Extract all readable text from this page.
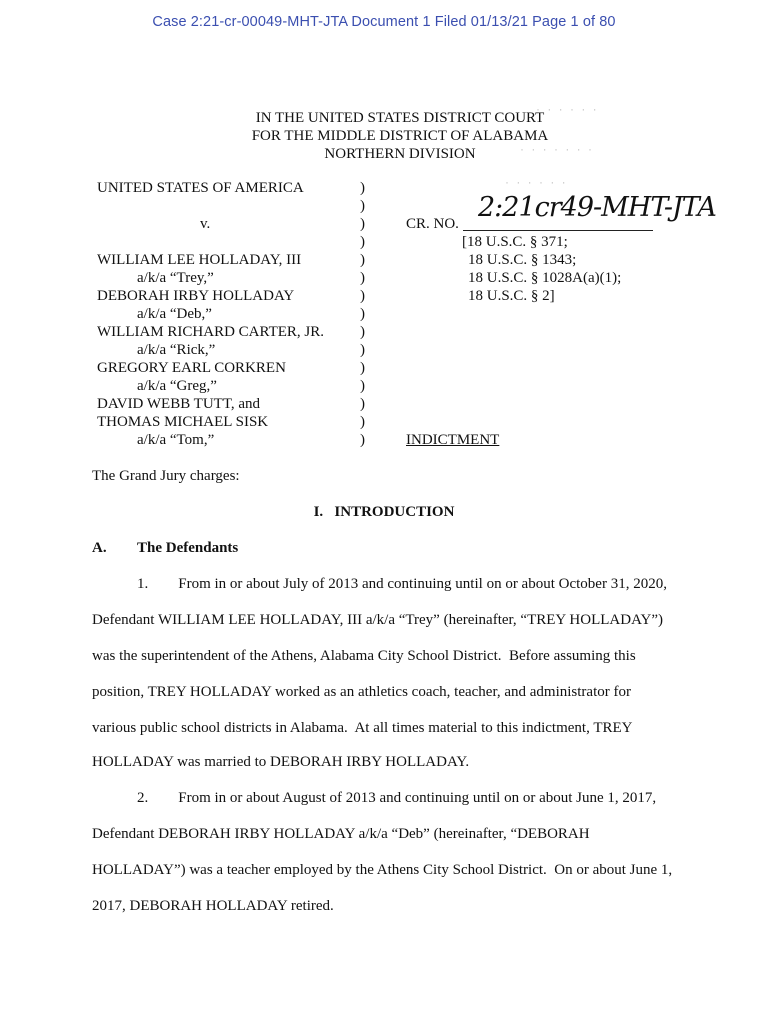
Case 2:21-cr-00049-MHT-JTA Document 1 Filed 01/13/21 Page 1 of 80
· · · · · ·
· · · · · · ·
· · · · · ·
IN THE UNITED STATES DISTRICT COURT
FOR THE MIDDLE DISTRICT OF ALABAMA
NORTHERN DIVISION
UNITED STATES OF AMERICA
v.
WILLIAM LEE HOLLADAY, III
a/k/a “Trey,”
DEBORAH IRBY HOLLADAY
a/k/a “Deb,”
WILLIAM RICHARD CARTER, JR.
a/k/a “Rick,”
GREGORY EARL CORKREN
a/k/a “Greg,”
DAVID WEBB TUTT, and
THOMAS MICHAEL SISK
a/k/a “Tom,”
)
)
)
)
)
)
)
)
)
)
)
)
)
)
)
CR. NO.
2:21cr49-MHT-JTA
[18 U.S.C. § 371;
18 U.S.C. § 1343;
18 U.S.C. § 1028A(a)(1);
18 U.S.C. § 2]
INDICTMENT
The Grand Jury charges:
I.   INTRODUCTION
A. The Defendants
1.        From in or about July of 2013 and continuing until on or about October 31, 2020,
Defendant WILLIAM LEE HOLLADAY, III a/k/a “Trey” (hereinafter, “TREY HOLLADAY”)
was the superintendent of the Athens, Alabama City School District.  Before assuming this
position, TREY HOLLADAY worked as an athletics coach, teacher, and administrator for
various public school districts in Alabama.  At all times material to this indictment, TREY
HOLLADAY was married to DEBORAH IRBY HOLLADAY.
2.        From in or about August of 2013 and continuing until on or about June 1, 2017,
Defendant DEBORAH IRBY HOLLADAY a/k/a “Deb” (hereinafter, “DEBORAH
HOLLADAY”) was a teacher employed by the Athens City School District.  On or about June 1,
2017, DEBORAH HOLLADAY retired.
